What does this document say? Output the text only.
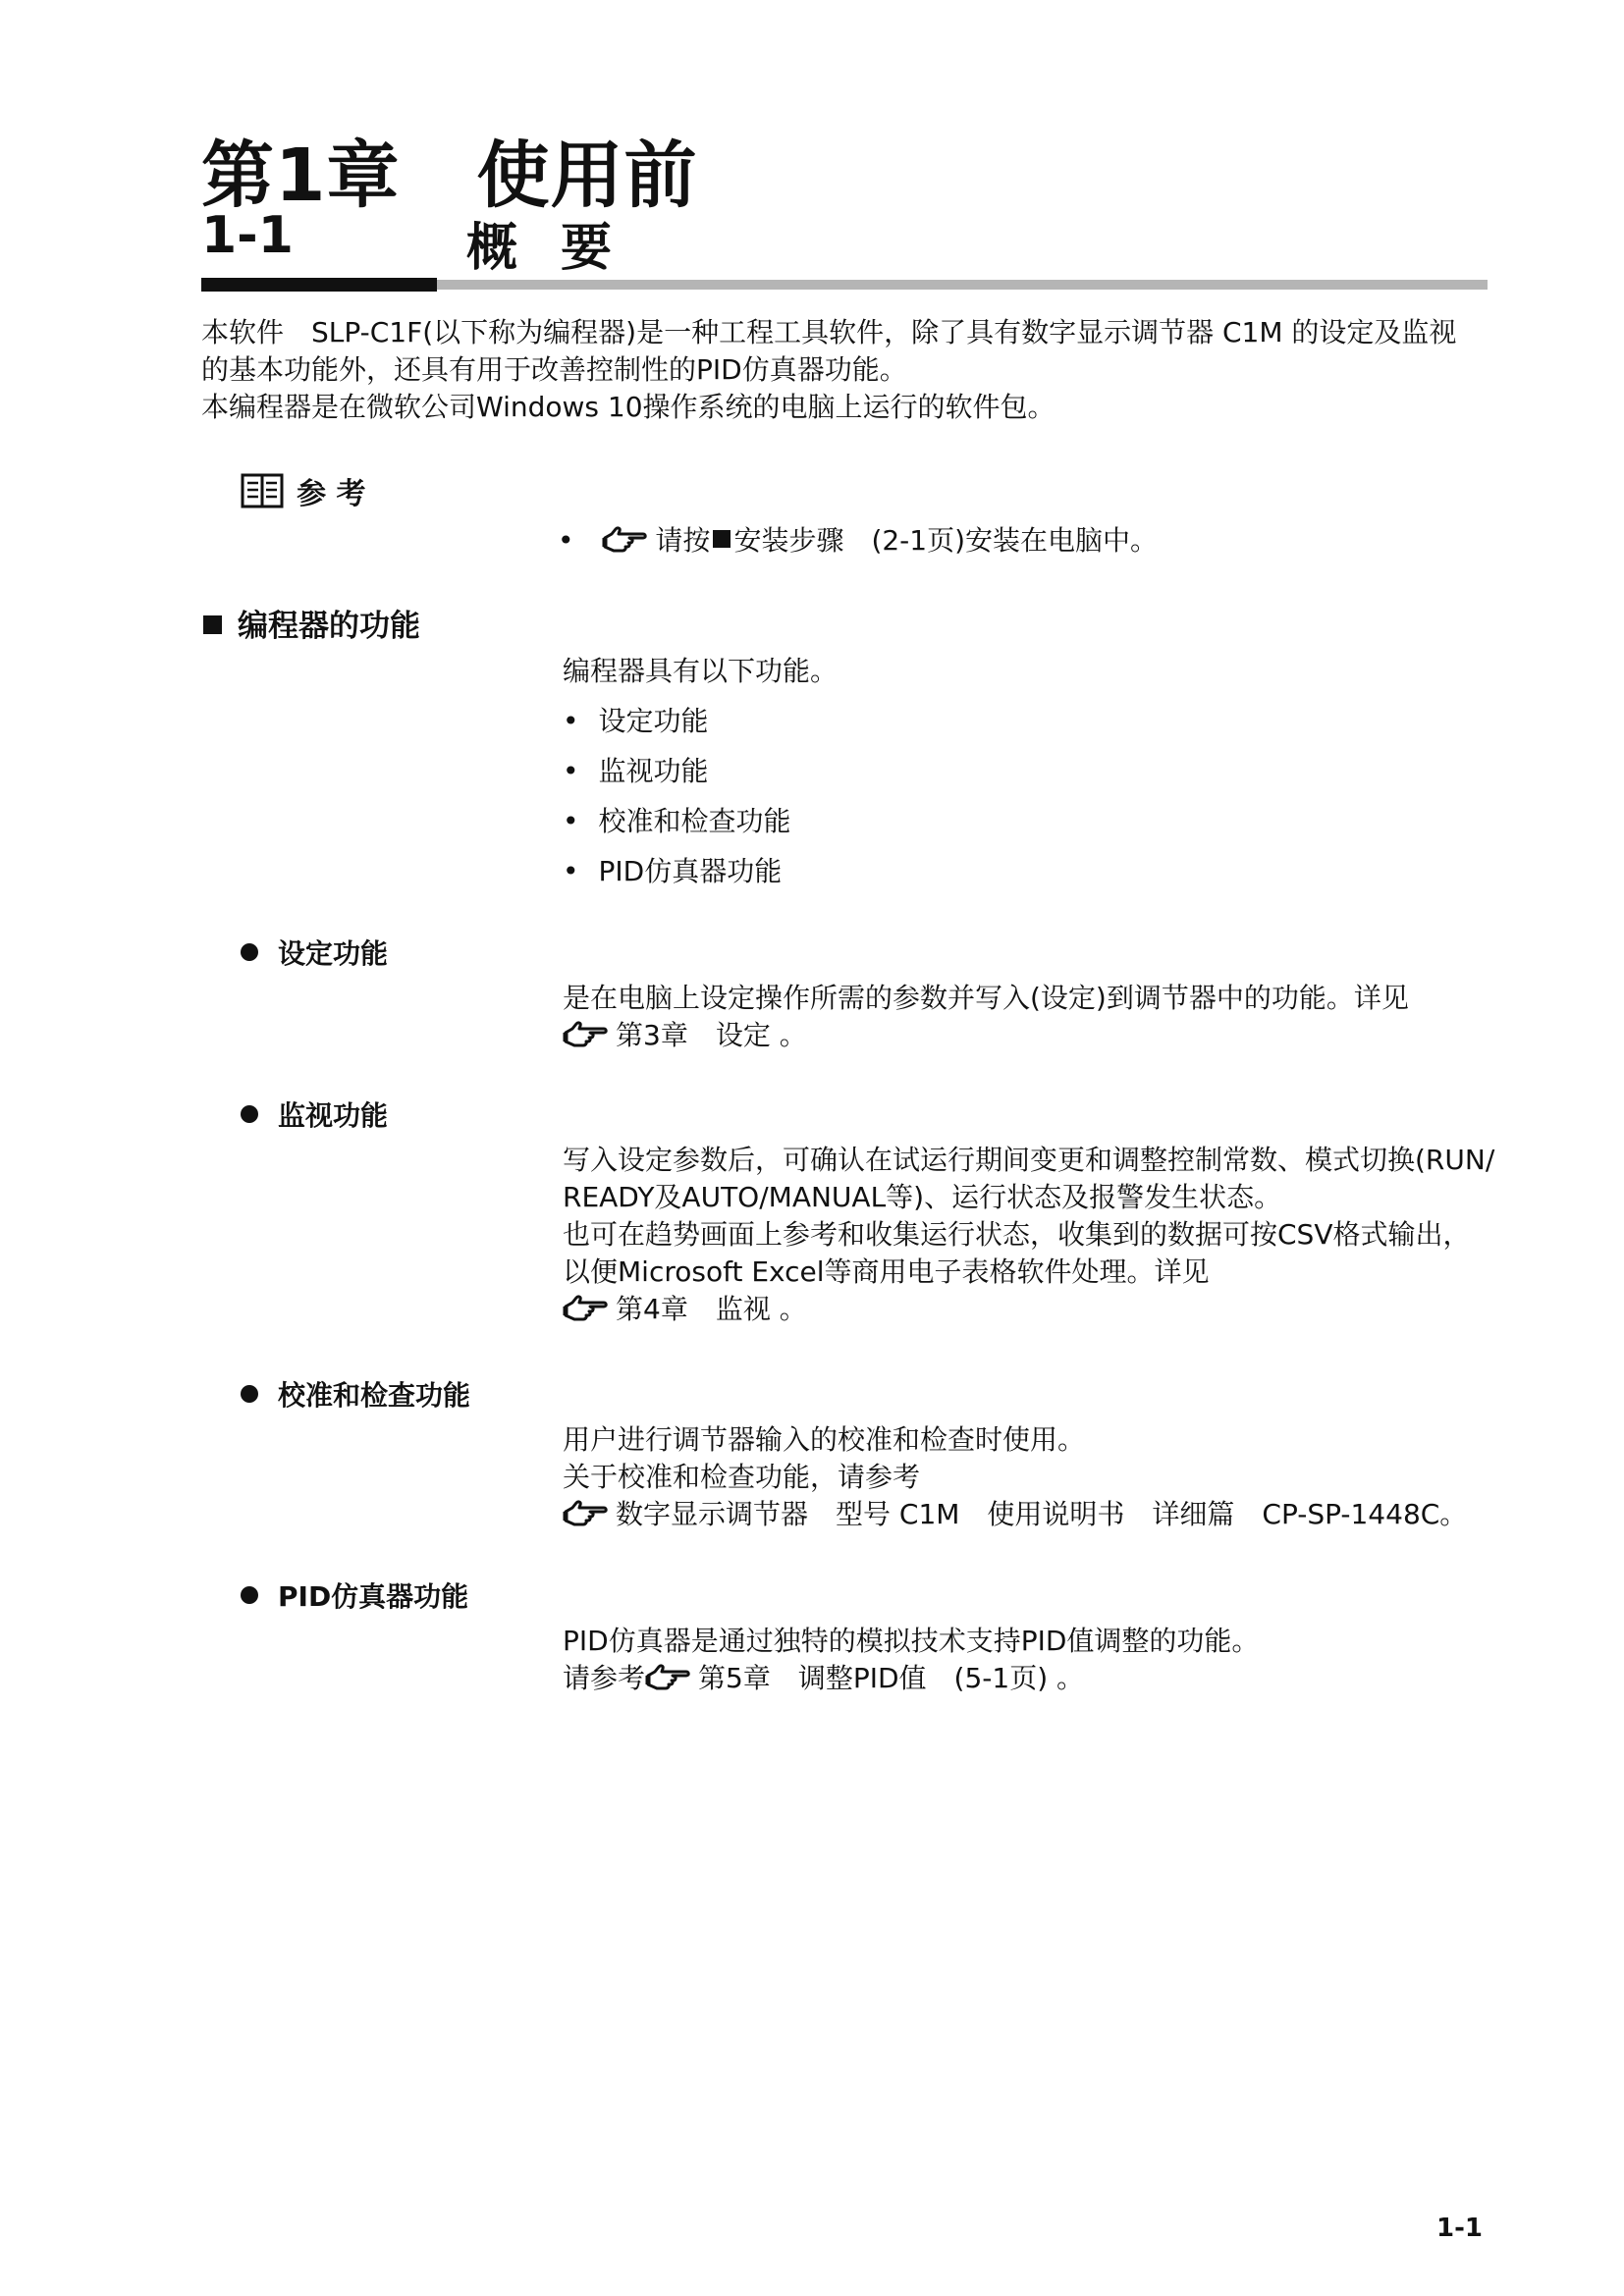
第1章 使用前
1-1	概要
本软件　SLP-C1F(以下称为编程器)是一种工程工具软件，除了具有数字显示调节器 C1M 的设定及监视
的基本功能外，还具有用于改善控制性的PID仿真器功能。
本编程器是在微软公司Windows 10操作系统的电脑上运行的软件包。
参 考
•	请按 安装步骤　(2-1页)安装在电脑中。
编程器的功能
编程器具有以下功能。
• 设定功能
• 监视功能
• 校准和检查功能
• PID仿真器功能
设定功能
是在电脑上设定操作所需的参数并写入(设定)到调节器中的功能。详见
第3章　设定 。
监视功能
写入设定参数后，可确认在试运行期间变更和调整控制常数、模式切换(RUN/
READY及AUTO/MANUAL等)、运行状态及报警发生状态。
也可在趋势画面上参考和收集运行状态，收集到的数据可按CSV格式输出，
以便Microsoft Excel等商用电子表格软件处理。详见
第4章　监视 。
校准和检查功能
用户进行调节器输入的校准和检查时使用。
关于校准和检查功能，请参考
数字显示调节器　型号 C1M　使用说明书　详细篇　CP-SP-1448C。
PID仿真器功能
PID仿真器是通过独特的模拟技术支持PID值调整的功能。
请参考 第5章　调整PID值　(5-1页) 。
1-1
